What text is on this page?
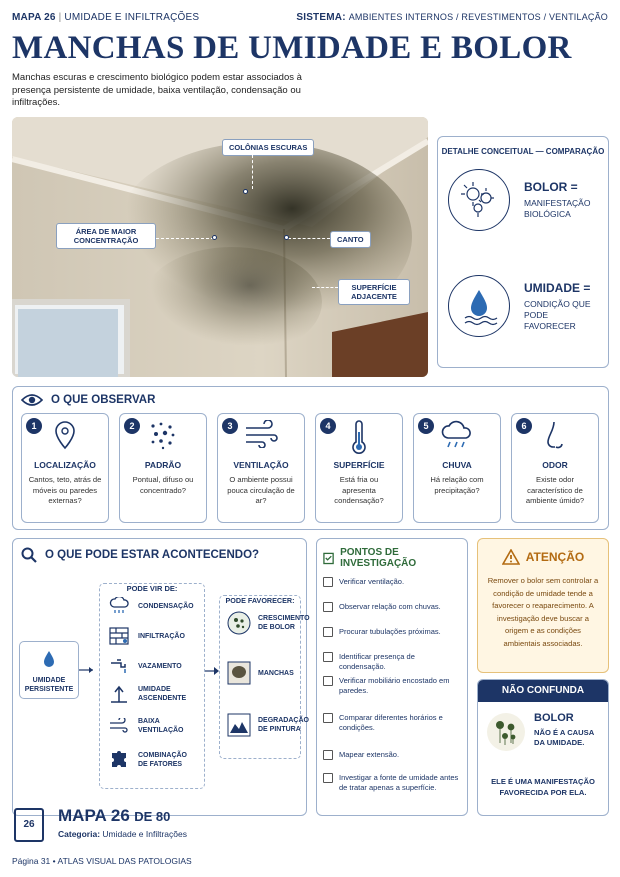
MAPA 26 | UMIDADE E INFILTRAÇÕES	SISTEMA: AMBIENTES INTERNOS / REVESTIMENTOS / VENTILAÇÃO
MANCHAS DE UMIDADE E BOLOR
Manchas escuras e crescimento biológico podem estar associados à presença persistente de umidade, baixa ventilação, condensação ou infiltrações.
COLÔNIAS ESCURAS
ÁREA DE MAIOR CONCENTRAÇÃO	CANTO
SUPERFÍCIE ADJACENTE
DETALHE CONCEITUAL — COMPARAÇÃO
BOLOR =
MANIFESTAÇÃO BIOLÓGICA
UMIDADE =
CONDIÇÃO QUE PODE FAVORECER
O QUE OBSERVAR
1
LOCALIZAÇÃO
Cantos, teto, atrás de móveis ou paredes externas?
2
PADRÃO
Pontual, difuso ou concentrado?
3
VENTILAÇÃO
O ambiente possui pouca circulação de ar?
4
SUPERFÍCIE
Está fria ou apresenta condensação?
5
CHUVA
Há relação com precipitação?
6
ODOR
Existe odor característico de ambiente úmido?
O QUE PODE ESTAR ACONTECENDO?
UMIDADE PERSISTENTE
PODE VIR DE:
CONDENSAÇÃO
INFILTRAÇÃO
VAZAMENTO
UMIDADE ASCENDENTE
BAIXA VENTILAÇÃO
COMBINAÇÃO DE FATORES
PODE FAVORECER:
CRESCIMENTO DE BOLOR
MANCHAS
DEGRADAÇÃO DE PINTURA
PONTOS DE INVESTIGAÇÃO
Verificar ventilação.
Observar relação com chuvas.
Procurar tubulações próximas.
Identificar presença de condensação.
Verificar mobiliário encostado em paredes.
Comparar diferentes horários e condições.
Mapear extensão.
Investigar a fonte de umidade antes de tratar apenas a superfície.
ATENÇÃO
Remover o bolor sem controlar a condição de umidade tende a favorecer o reaparecimento. A investigação deve buscar a origem e as condições ambientais associadas.
NÃO CONFUNDA
BOLOR
NÃO É A CAUSA DA UMIDADE.
ELE É UMA MANIFESTAÇÃO FAVORECIDA POR ELA.
26	MAPA 26 DE 80
Categoria: Umidade e Infiltrações
Página 31 • ATLAS VISUAL DAS PATOLOGIAS
